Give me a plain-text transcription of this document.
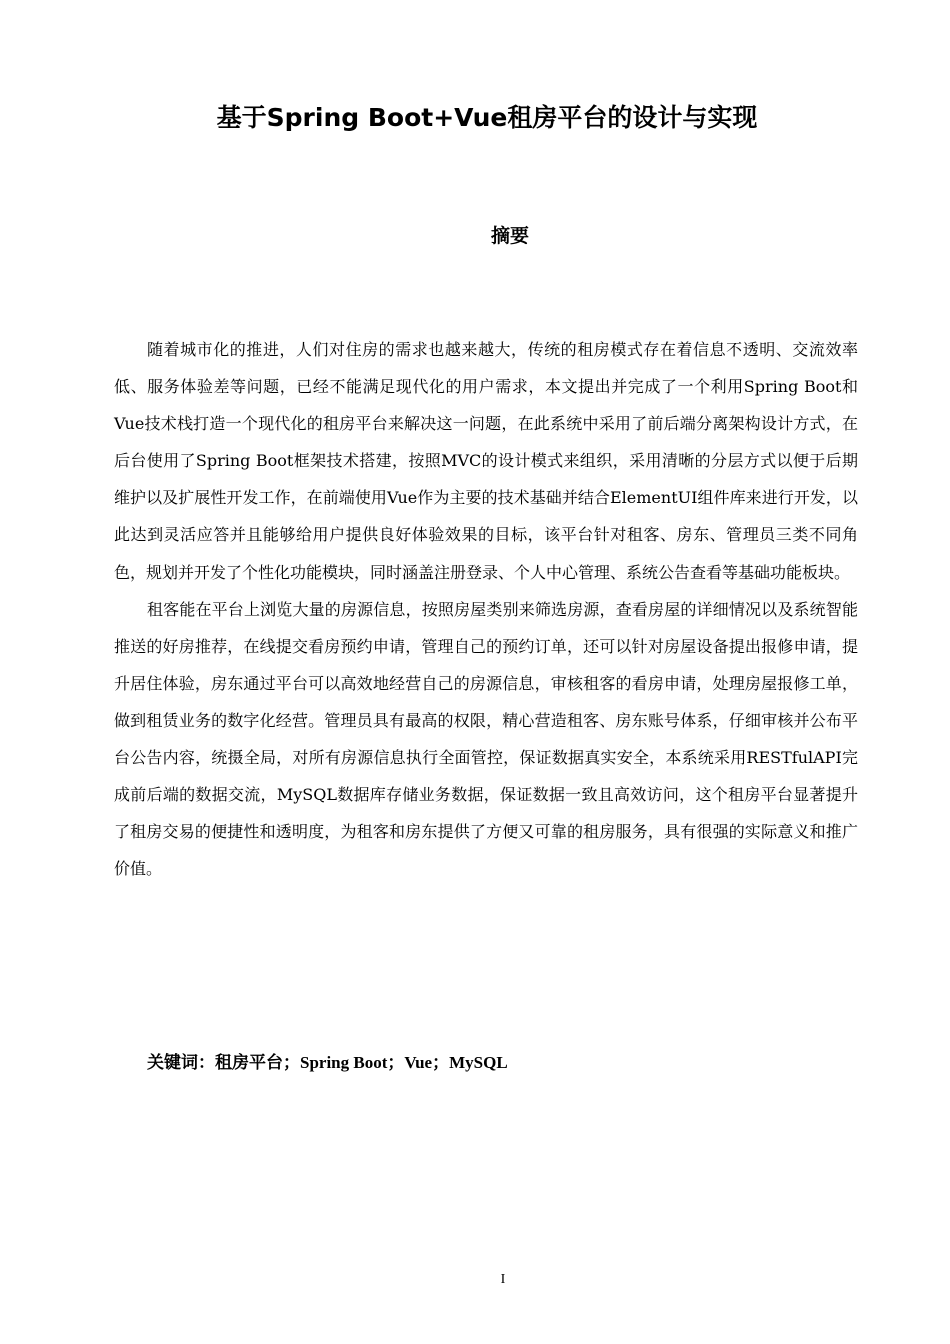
基于Spring Boot+Vue租房平台的设计与实现
摘要

随着城市化的推进，人们对住房的需求也越来越大，传统的租房模式存在着信息不透明、交流效率低、服务体验差等问题，已经不能满足现代化的用户需求，本文提出并完成了一个利用Spring Boot和Vue技术栈打造一个现代化的租房平台来解决这一问题，在此系统中采用了前后端分离架构设计方式，在后台使用了Spring Boot框架技术搭建，按照MVC的设计模式来组织，采用清晰的分层方式以便于后期维护以及扩展性开发工作，在前端使用Vue作为主要的技术基础并结合ElementUI组件库来进行开发，以此达到灵活应答并且能够给用户提供良好体验效果的目标，该平台针对租客、房东、管理员三类不同角色，规划并开发了个性化功能模块，同时涵盖注册登录、个人中心管理、系统公告查看等基础功能板块。

租客能在平台上浏览大量的房源信息，按照房屋类别来筛选房源，查看房屋的详细情况以及系统智能推送的好房推荐，在线提交看房预约申请，管理自己的预约订单，还可以针对房屋设备提出报修申请，提升居住体验，房东通过平台可以高效地经营自己的房源信息，审核租客的看房申请，处理房屋报修工单，做到租赁业务的数字化经营。管理员具有最高的权限，精心营造租客、房东账号体系，仔细审核并公布平台公告内容，统摄全局，对所有房源信息执行全面管控，保证数据真实安全，本系统采用RESTfulAPI完成前后端的数据交流，MySQL数据库存储业务数据，保证数据一致且高效访问，这个租房平台显著提升了租房交易的便捷性和透明度，为租客和房东提供了方便又可靠的租房服务，具有很强的实际意义和推广价值。

关键词：租房平台；Spring Boot；Vue；MySQL
I
